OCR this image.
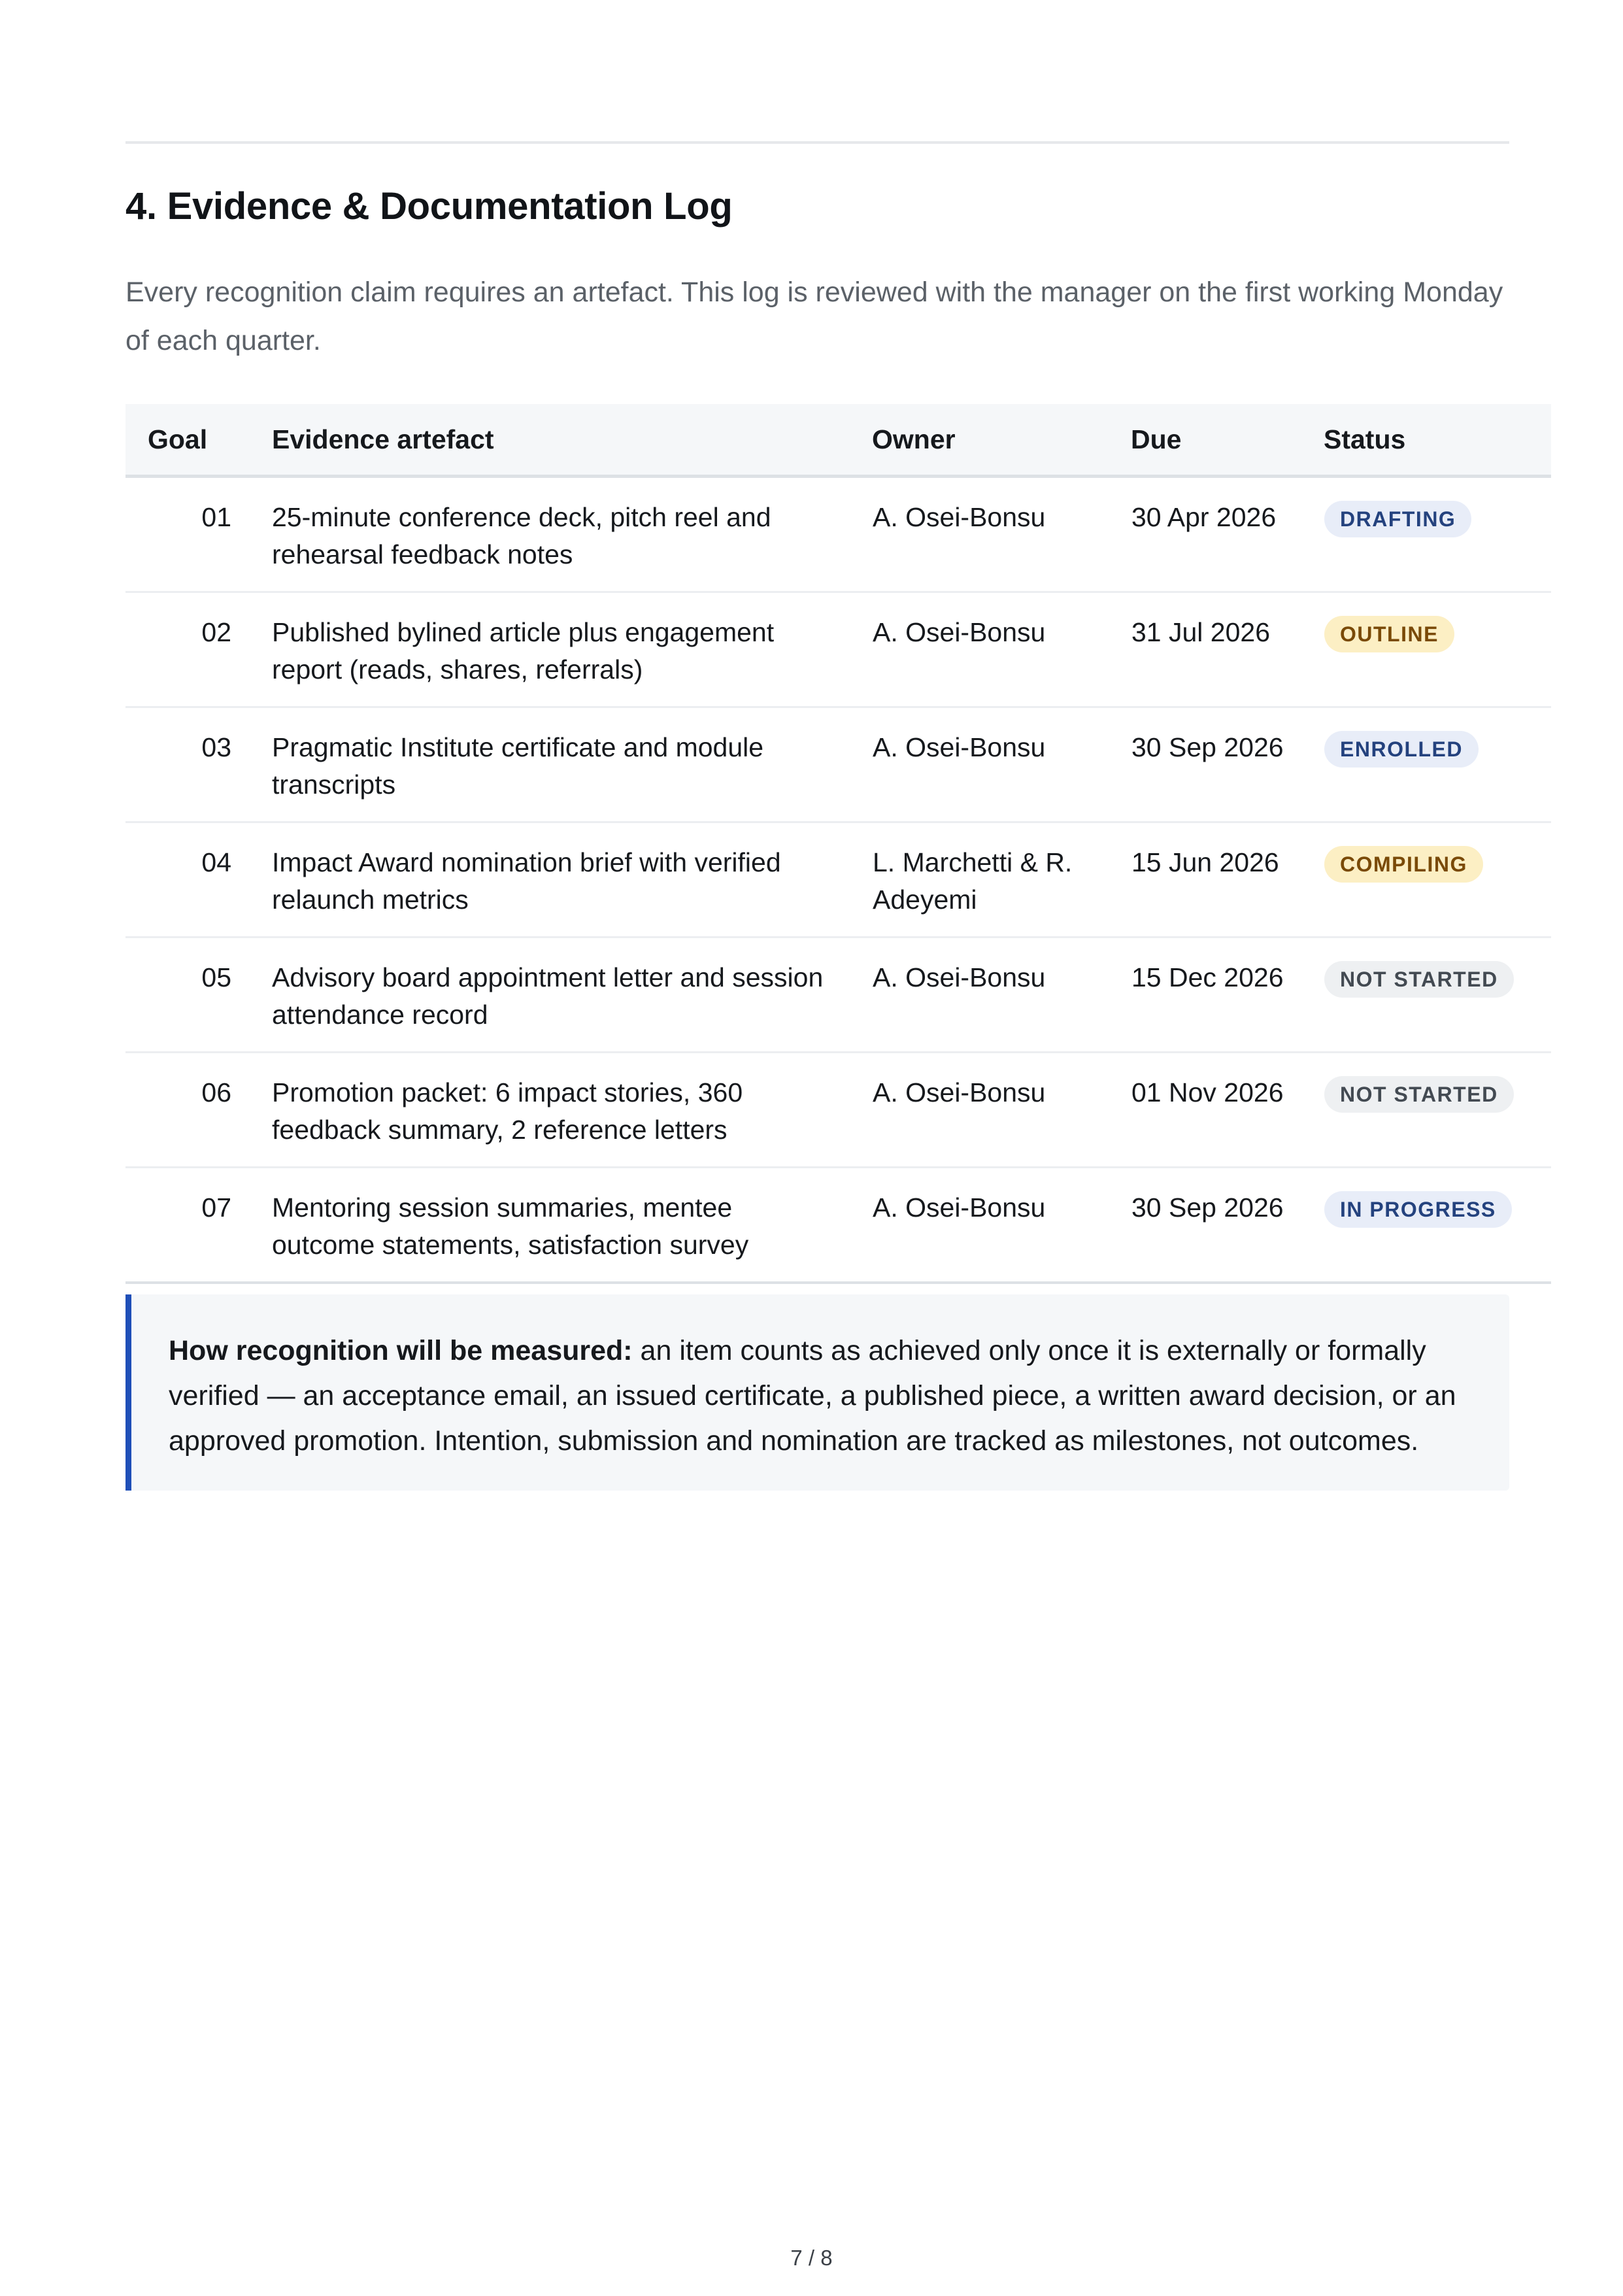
4. Evidence & Documentation Log

Every recognition claim requires an artefact. This log is reviewed with the manager on the first working Monday of each quarter.

Goal	Evidence artefact	Owner	Due	Status
01	25-minute conference deck, pitch reel and rehearsal feedback notes	A. Osei-Bonsu	30 Apr 2026	DRAFTING
02	Published bylined article plus engagement report (reads, shares, referrals)	A. Osei-Bonsu	31 Jul 2026	OUTLINE
03	Pragmatic Institute certificate and module transcripts	A. Osei-Bonsu	30 Sep 2026	ENROLLED
04	Impact Award nomination brief with verified relaunch metrics	L. Marchetti & R. Adeyemi	15 Jun 2026	COMPILING
05	Advisory board appointment letter and session attendance record	A. Osei-Bonsu	15 Dec 2026	NOT STARTED
06	Promotion packet: 6 impact stories, 360 feedback summary, 2 reference letters	A. Osei-Bonsu	01 Nov 2026	NOT STARTED
07	Mentoring session summaries, mentee outcome statements, satisfaction survey	A. Osei-Bonsu	30 Sep 2026	IN PROGRESS
How recognition will be measured: an item counts as achieved only once it is externally or formally verified — an acceptance email, an issued certificate, a published piece, a written award decision, or an approved promotion. Intention, submission and nomination are tracked as milestones, not outcomes.
7 / 8
